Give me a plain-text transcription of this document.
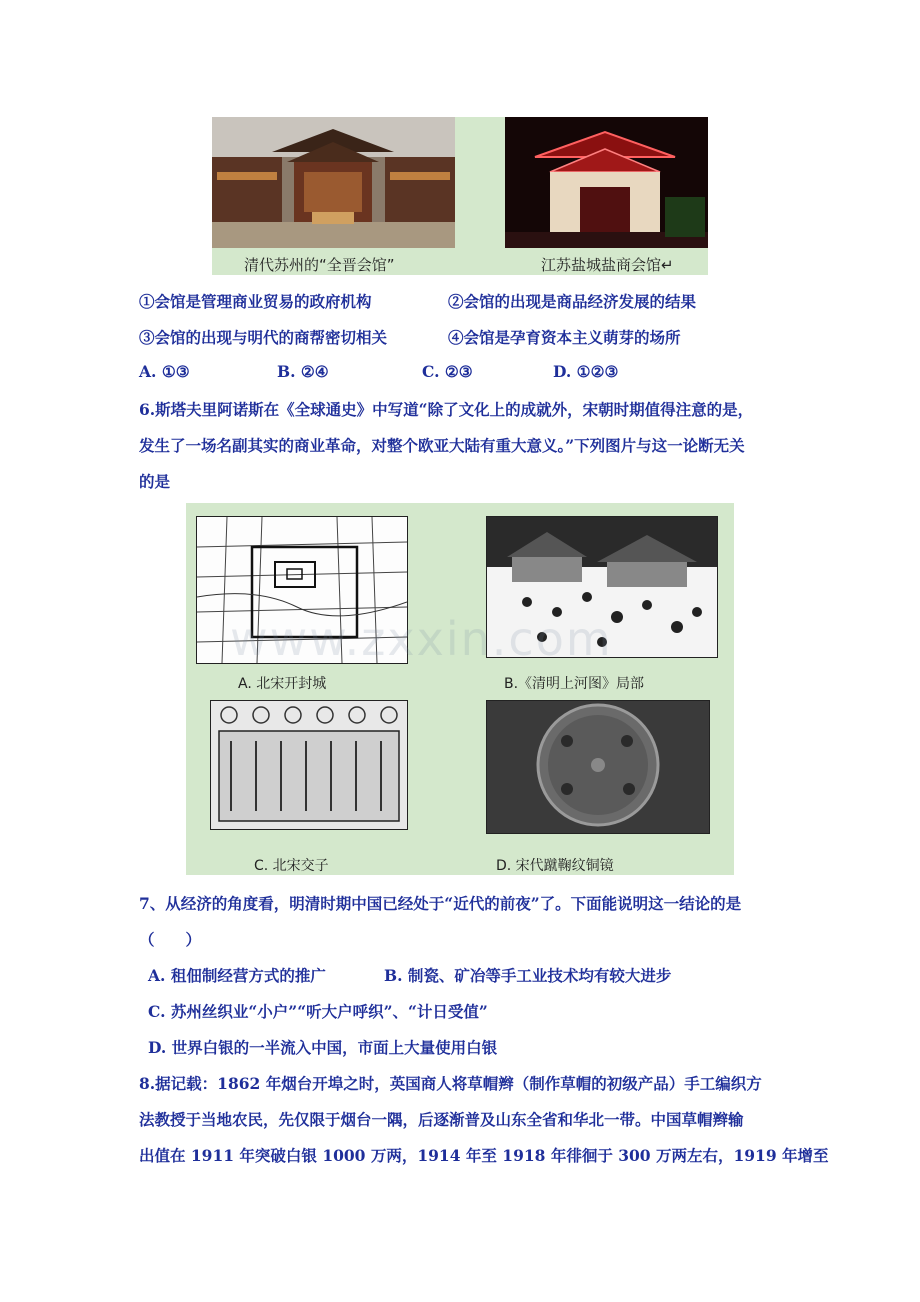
清代苏州的“全晋会馆”	江苏盐城盐商会馆↵
①会馆是管理商业贸易的政府机构	②会馆的出现是商品经济发展的结果
③会馆的出现与明代的商帮密切相关	④会馆是孕育资本主义萌芽的场所
A. ①③	B. ②④	C. ②③	D. ①②③
6.斯塔夫里阿诺斯在《全球通史》中写道“除了文化上的成就外，宋朝时期值得注意的是，
发生了一场名副其实的商业革命，对整个欧亚大陆有重大意义。”下列图片与这一论断无关
的是
A. 北宋开封城	B.《清明上河图》局部
C. 北宋交子	D. 宋代蹴鞠纹铜镜
www.zxxin.com
7、从经济的角度看，明清时期中国已经处于“近代的前夜”了。下面能说明这一结论的是
（　　）
A. 租佃制经营方式的推广	B. 制瓷、矿冶等手工业技术均有较大进步
C. 苏州丝织业“小户”“听大户呼织”、“计日受值”
D. 世界白银的一半流入中国，市面上大量使用白银
8.据记载：1862 年烟台开埠之时，英国商人将草帽辫（制作草帽的初级产品）手工编织方
法教授于当地农民，先仅限于烟台一隅，后逐渐普及山东全省和华北一带。中国草帽辫输
出值在 1911 年突破白银 1000 万两，1914 年至 1918 年徘徊于 300 万两左右，1919 年增至
